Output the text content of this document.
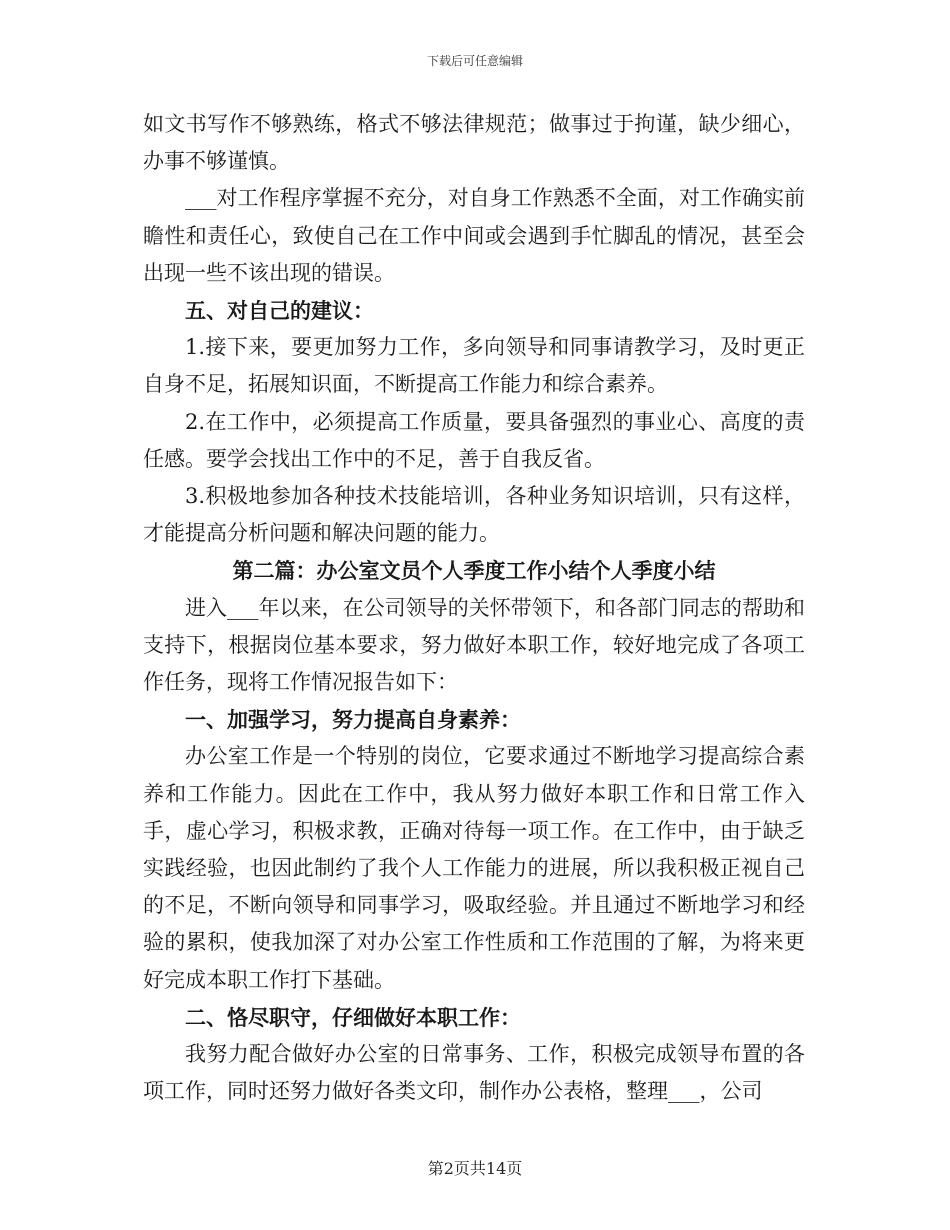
下载后可任意编辑

如文书写作不够熟练，格式不够法律规范；做事过于拘谨，缺少细心，办事不够谨慎。

___对工作程序掌握不充分，对自身工作熟悉不全面，对工作确实前瞻性和责任心，致使自己在工作中间或会遇到手忙脚乱的情况，甚至会出现一些不该出现的错误。

五、对自己的建议：

1.接下来，要更加努力工作，多向领导和同事请教学习，及时更正自身不足，拓展知识面，不断提高工作能力和综合素养。

2.在工作中，必须提高工作质量，要具备强烈的事业心、高度的责任感。要学会找出工作中的不足，善于自我反省。

3.积极地参加各种技术技能培训，各种业务知识培训，只有这样，才能提高分析问题和解决问题的能力。

第二篇：办公室文员个人季度工作小结个人季度小结

进入___年以来，在公司领导的关怀带领下，和各部门同志的帮助和支持下，根据岗位基本要求，努力做好本职工作，较好地完成了各项工作任务，现将工作情况报告如下：

一、加强学习，努力提高自身素养：

办公室工作是一个特别的岗位，它要求通过不断地学习提高综合素养和工作能力。因此在工作中，我从努力做好本职工作和日常工作入手，虚心学习，积极求教，正确对待每一项工作。在工作中，由于缺乏实践经验，也因此制约了我个人工作能力的进展，所以我积极正视自己的不足，不断向领导和同事学习，吸取经验。并且通过不断地学习和经验的累积，使我加深了对办公室工作性质和工作范围的了解，为将来更好完成本职工作打下基础。

二、恪尽职守，仔细做好本职工作：

我努力配合做好办公室的日常事务、工作，积极完成领导布置的各项工作，同时还努力做好各类文印，制作办公表格，整理___，公司

第2页共14页
